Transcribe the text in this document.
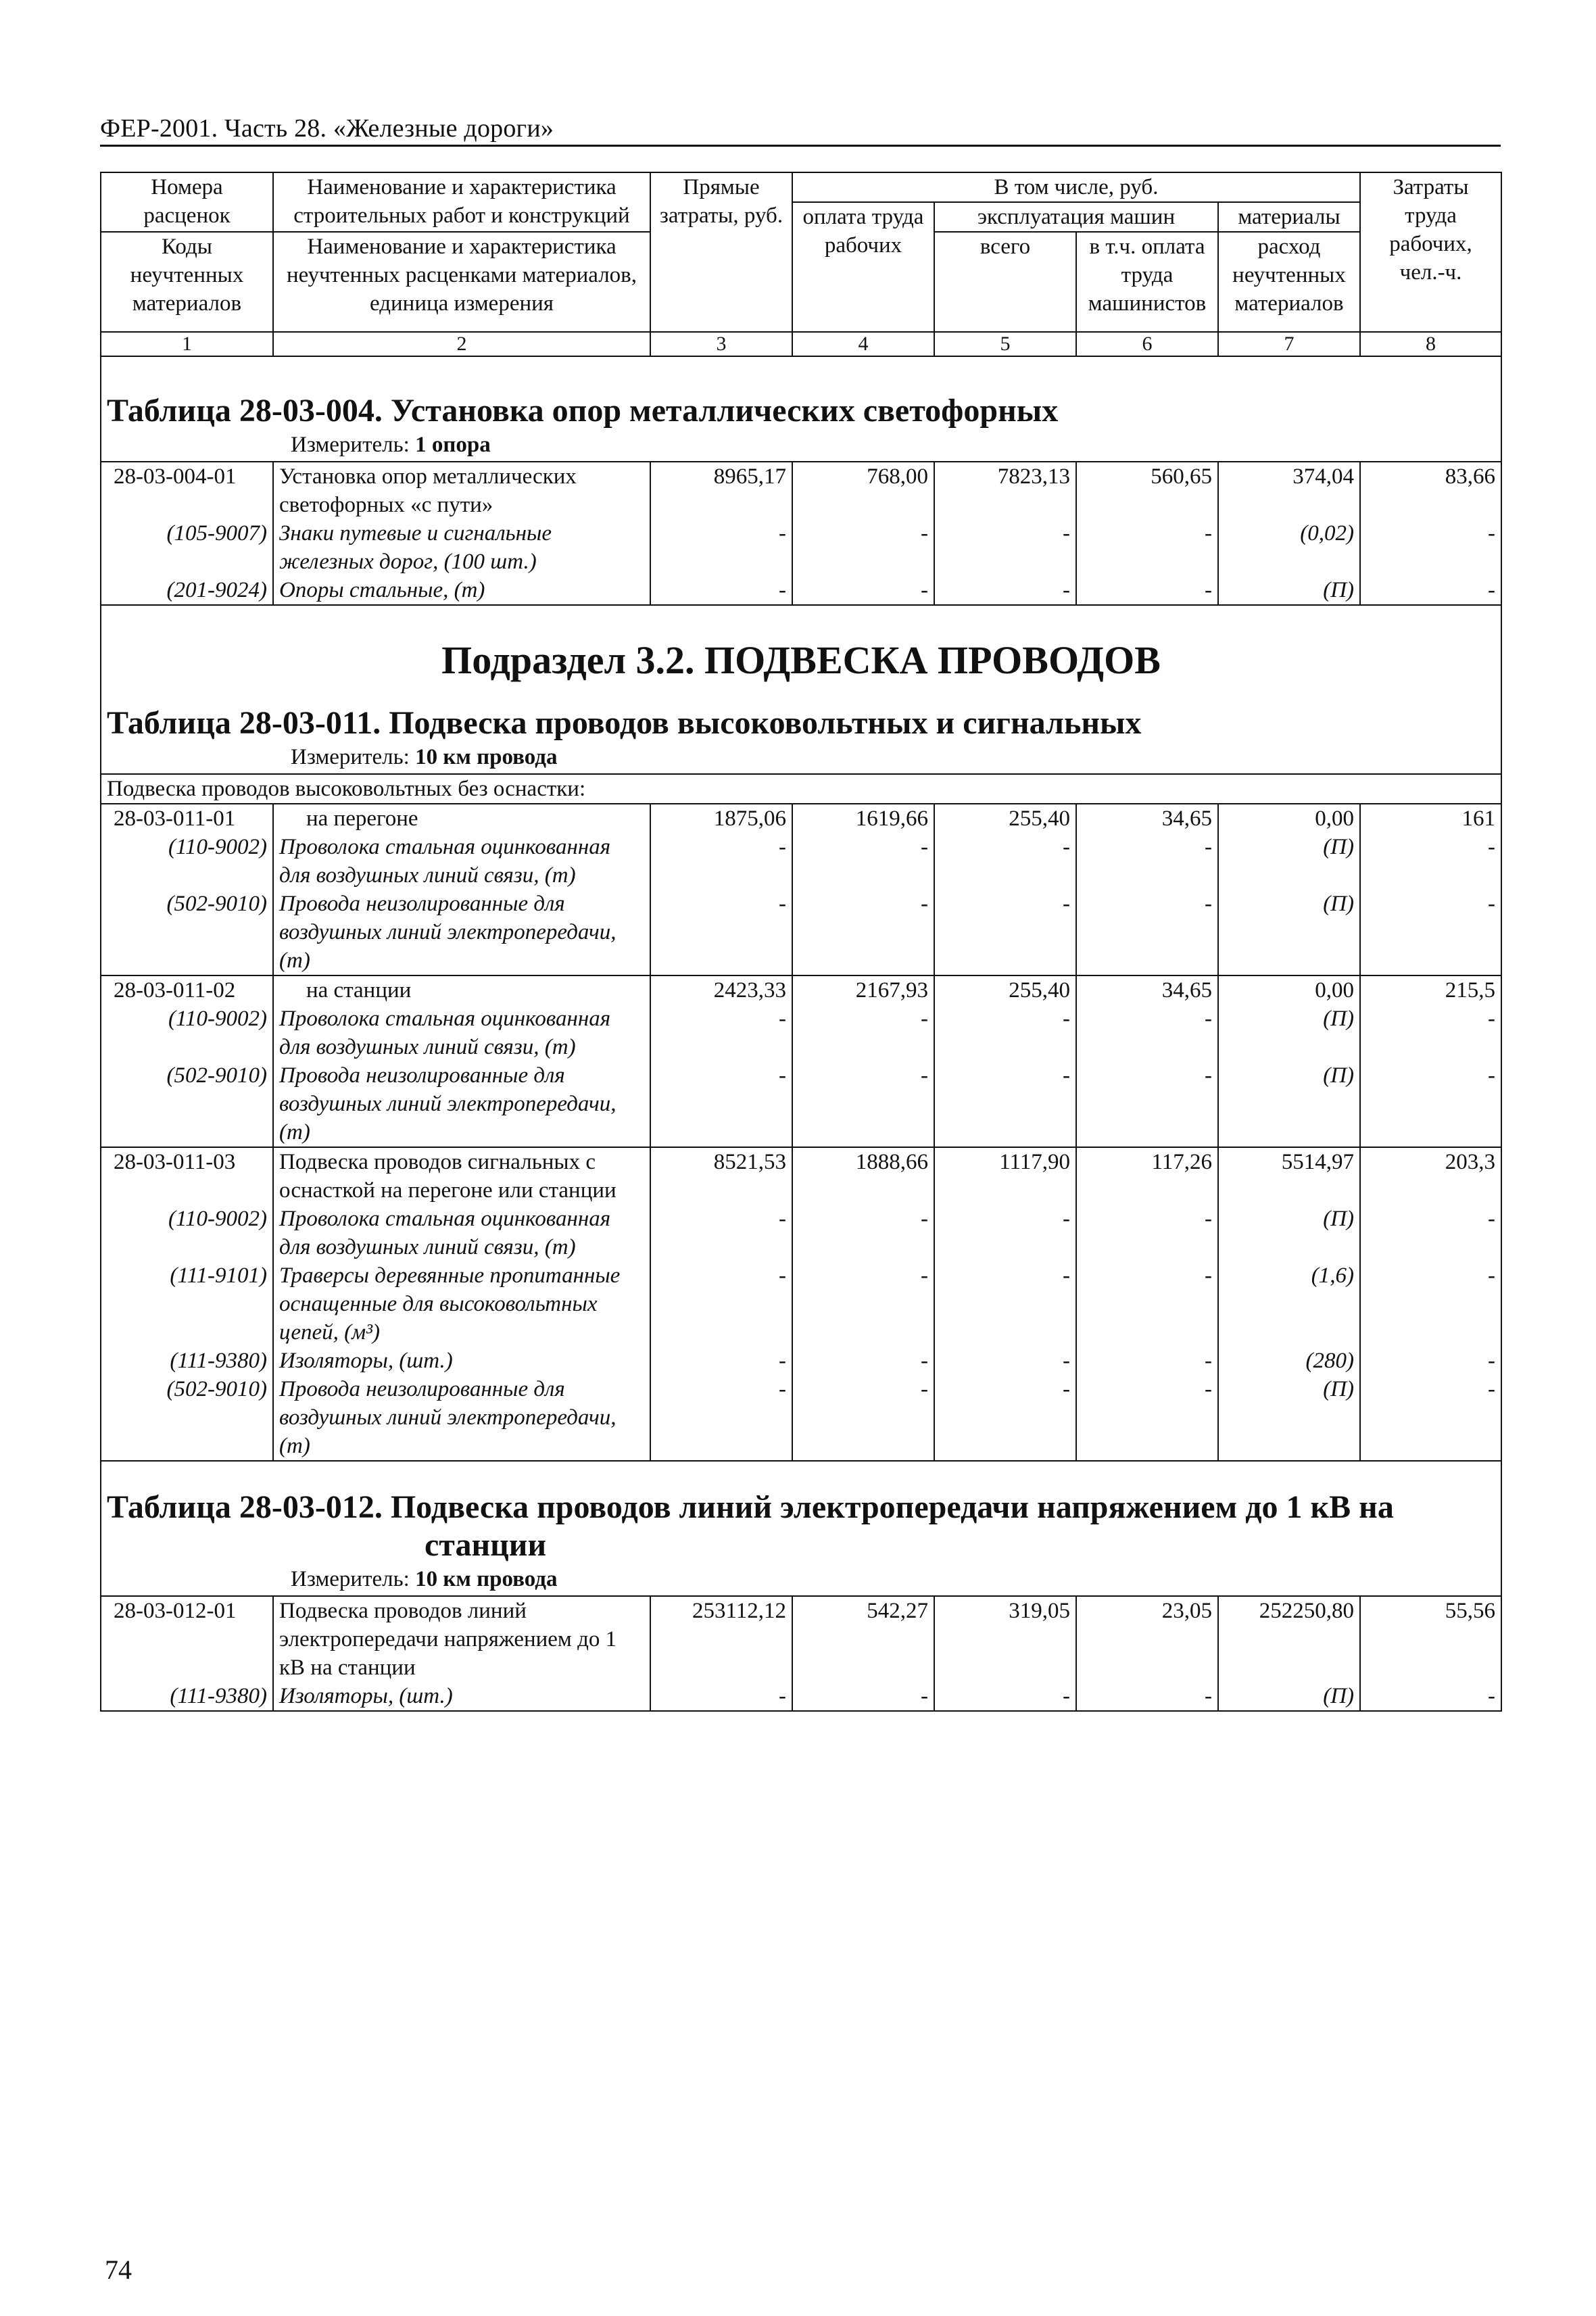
ФЕР-2001. Часть 28. «Железные дороги»
Номера расценок	Наименование и характеристика строительных работ и конструкций	Прямые затраты, руб.	В том числе, руб.				Затраты труда рабочих, чел.-ч.
			оплата труда рабочих	эксплуатация машин		материалы	
Коды неучтенных материалов	Наименование и характеристика неучтенных расценками материалов, единица измерения			всего	в т.ч. оплата труда машинистов	расход неучтенных материалов	

1	2	3	4	5	6	7	8

Таблица 28-03-004. Установка опор металлических светофорных
Измеритель: 1 опора							

28-03-004-01	Установка опор металлических светофорных «с пути»	8965,17	768,00	7823,13	560,65	374,04	83,66
(105-9007)	Знаки путевые и сигнальные железных дорог, (100 шт.)	-	-	-	-	(0,02)	-
(201-9024)	Опоры стальные, (т)	-	-	-	-	(П)	-

Подраздел 3.2. ПОДВЕСКА ПРОВОДОВ
Таблица 28-03-011. Подвеска проводов высоковольтных и сигнальных
Измеритель: 10 км провода							

Подвеска проводов высоковольтных без оснастки:							
28-03-011-01	на перегоне	1875,06	1619,66	255,40	34,65	0,00	161
(110-9002)	Проволока стальная оцинкованная для воздушных линий связи, (т)	-	-	-	-	(П)	-
(502-9010)	Провода неизолированные для воздушных линий электропередачи, (т)	-	-	-	-	(П)	-
28-03-011-02	на станции	2423,33	2167,93	255,40	34,65	0,00	215,5
(110-9002)	Проволока стальная оцинкованная для воздушных линий связи, (т)	-	-	-	-	(П)	-
(502-9010)	Провода неизолированные для воздушных линий электропередачи, (т)	-	-	-	-	(П)	-
28-03-011-03	Подвеска проводов сигнальных с оснасткой на перегоне или станции	8521,53	1888,66	1117,90	117,26	5514,97	203,3
(110-9002)	Проволока стальная оцинкованная для воздушных линий связи, (т)	-	-	-	-	(П)	-
(111-9101)	Траверсы деревянные пропитанные оснащенные для высоковольтных цепей, (м³)	-	-	-	-	(1,6)	-
(111-9380)	Изоляторы, (шт.)	-	-	-	-	(280)	-
(502-9010)	Провода неизолированные для воздушных линий электропередачи, (т)	-	-	-	-	(П)	-

Таблица 28-03-012. Подвеска проводов линий электропередачи напряжением до 1 кВ на
станции
Измеритель: 10 км провода							

28-03-012-01	Подвеска проводов линий электропередачи напряжением до 1 кВ на станции	253112,12	542,27	319,05	23,05	252250,80	55,56
(111-9380)	Изоляторы, (шт.)	-	-	-	-	(П)	-
74
